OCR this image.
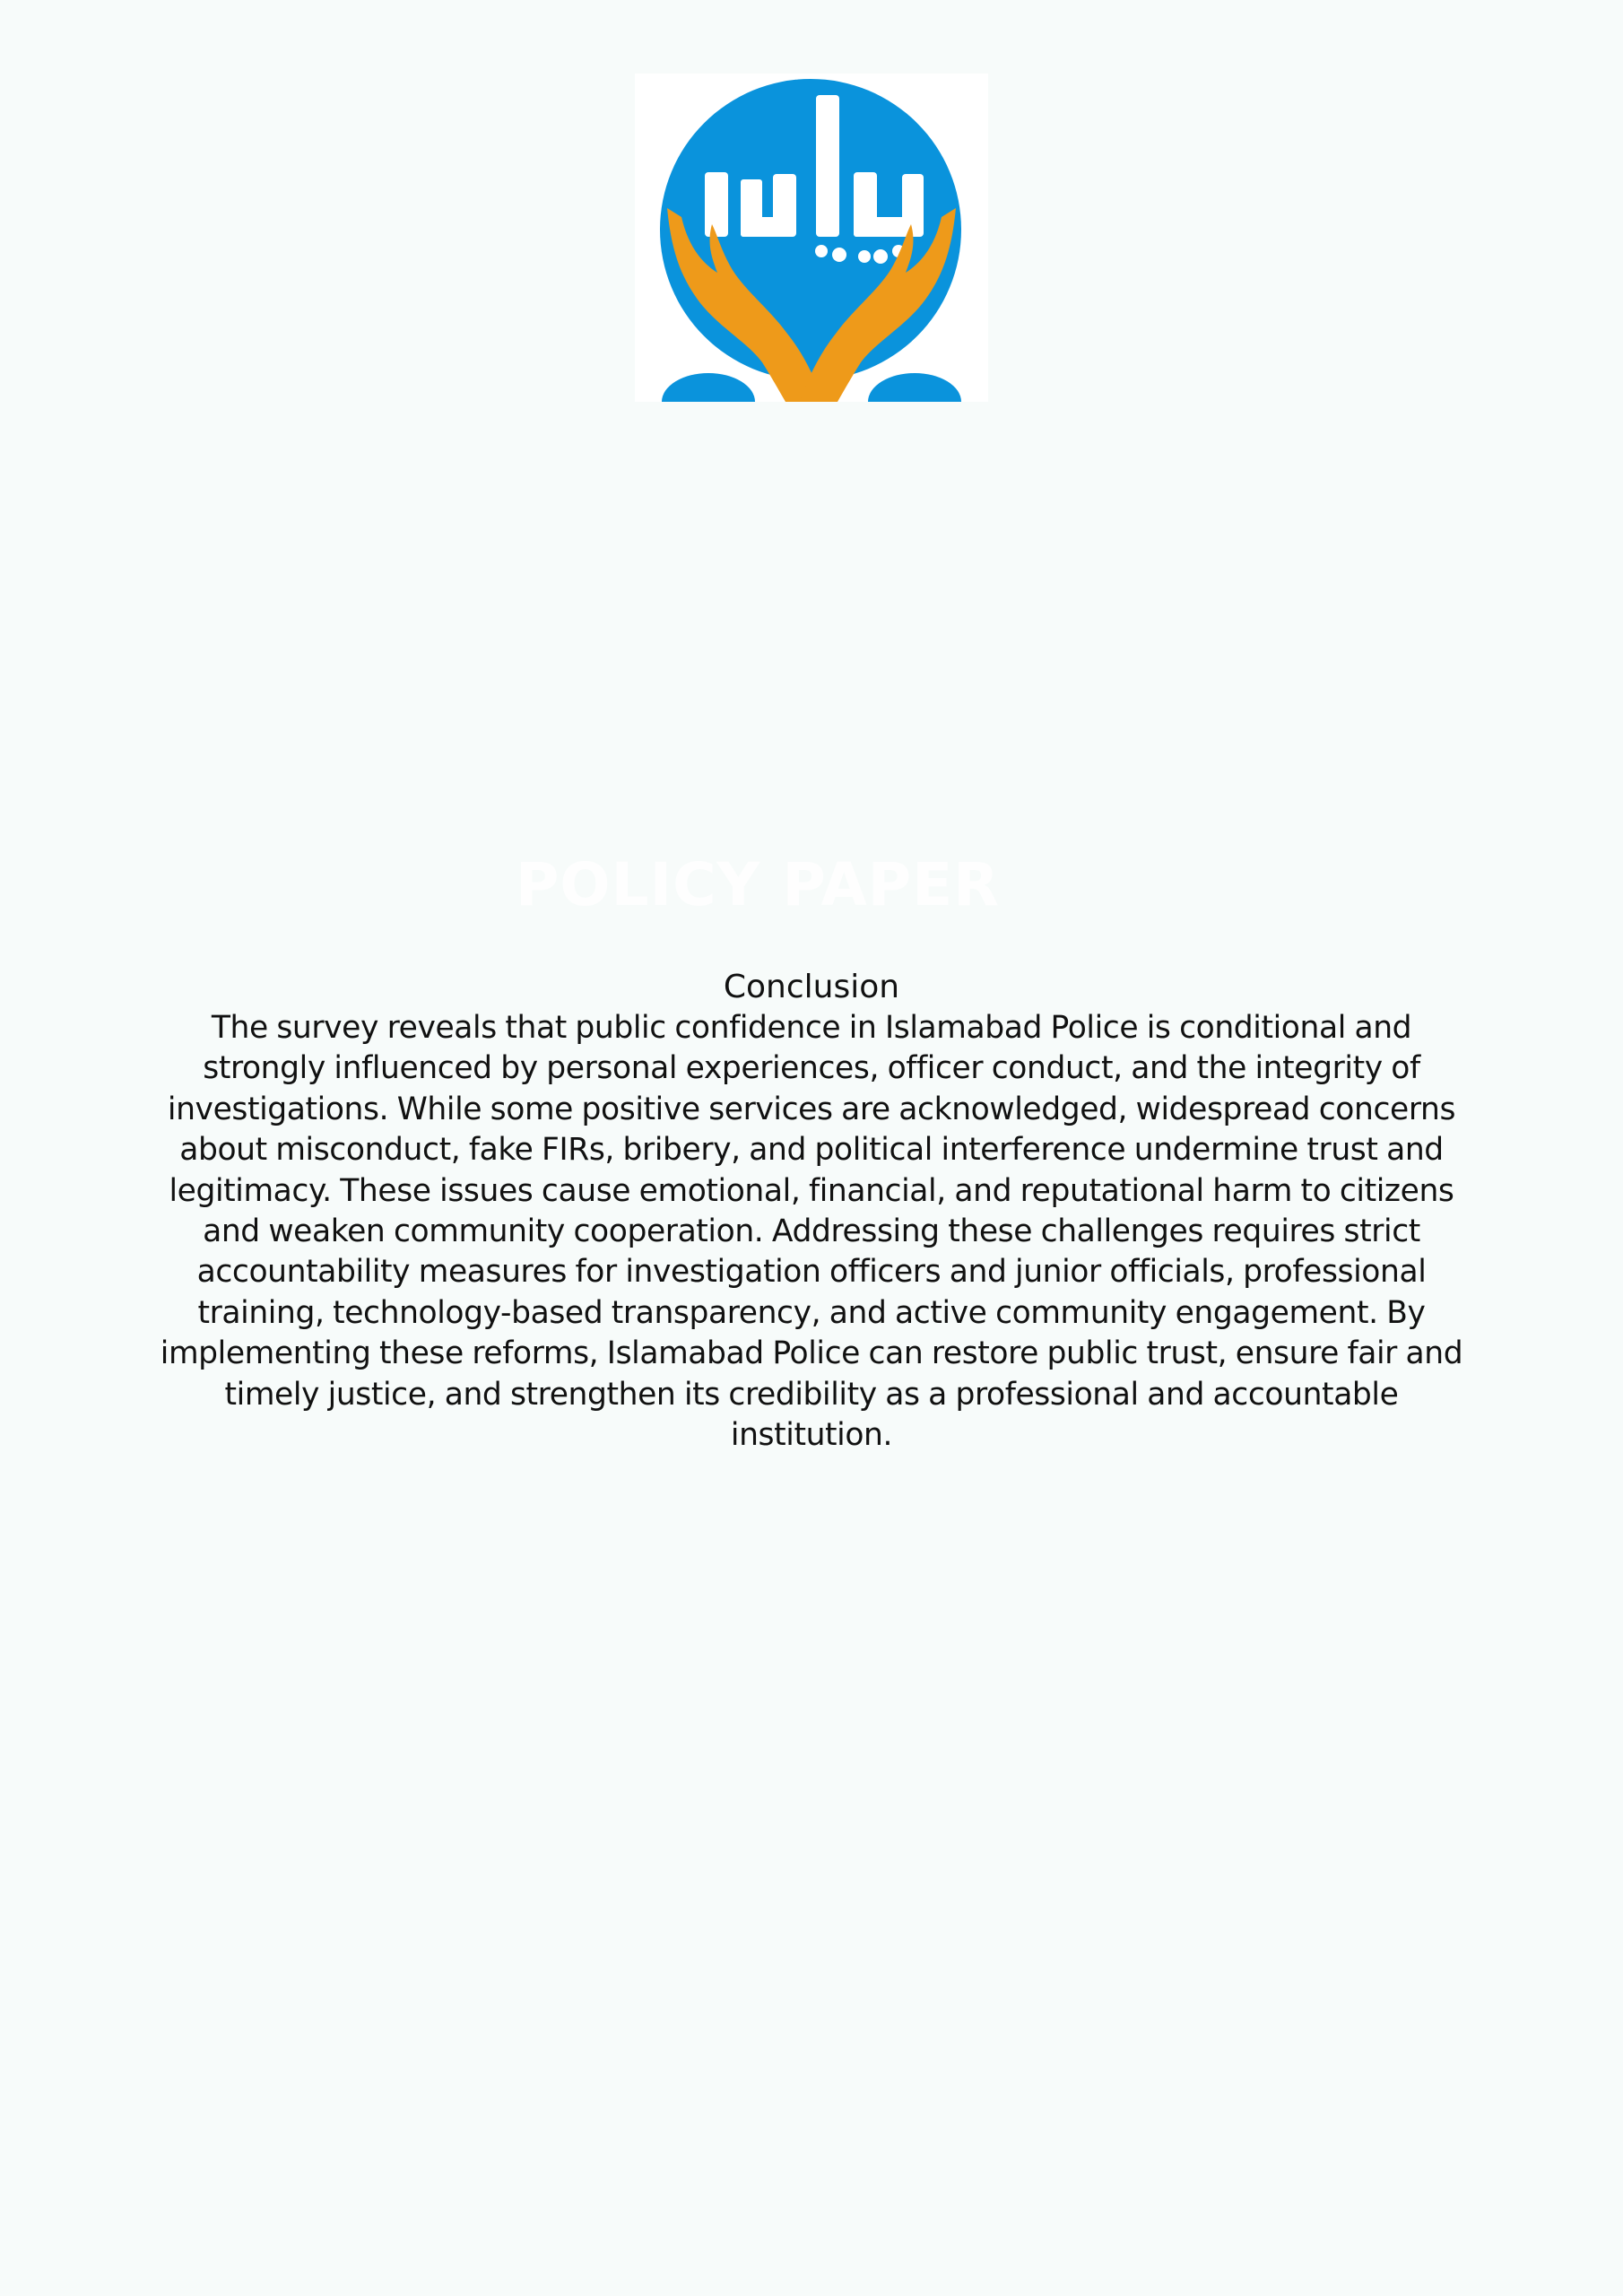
POLICY PAPER
Conclusion

The survey reveals that public confidence in Islamabad Police is conditional and strongly influenced by personal experiences, officer conduct, and the integrity of investigations. While some positive services are acknowledged, widespread concerns about misconduct, fake FIRs, bribery, and political interference undermine trust and legitimacy. These issues cause emotional, financial, and reputational harm to citizens and weaken community cooperation. Addressing these challenges requires strict accountability measures for investigation officers and junior officials, professional training, technology-based transparency, and active community engagement. By implementing these reforms, Islamabad Police can restore public trust, ensure fair and timely justice, and strengthen its credibility as a professional and accountable institution.
